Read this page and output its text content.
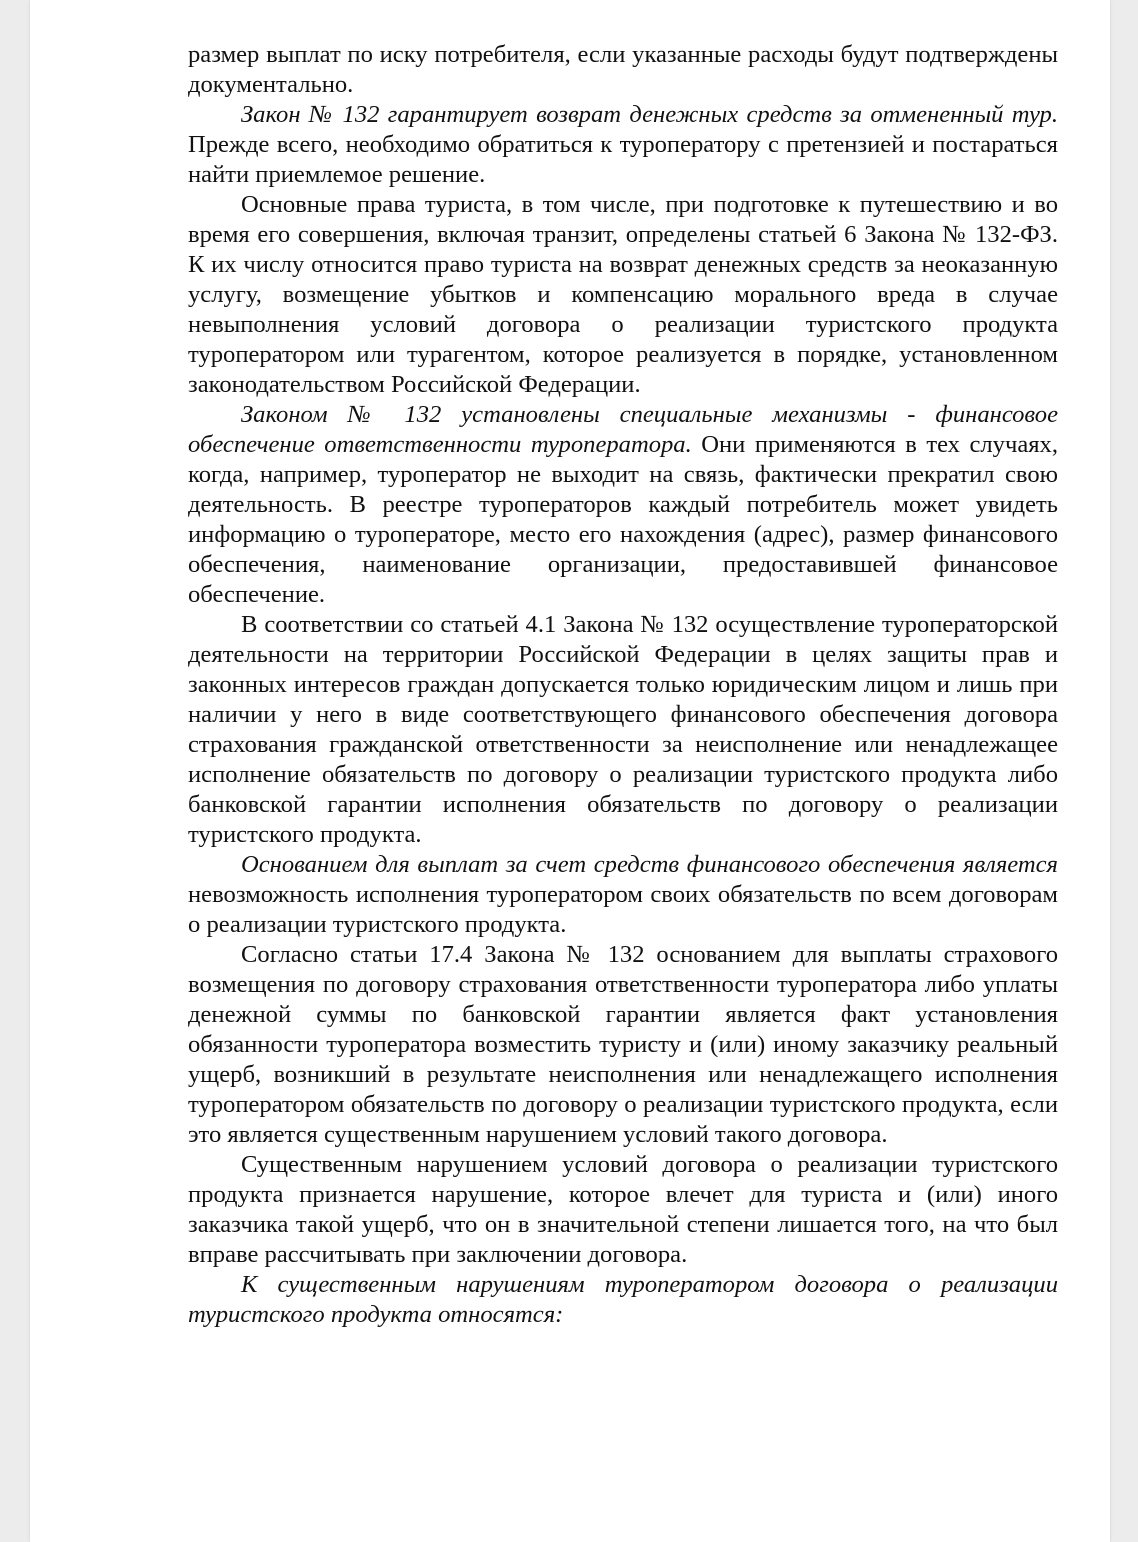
размер выплат по иску потребителя, если указанные расходы будут подтверждены документально.

Закон № 132 гарантирует возврат денежных средств за отмененный тур. Прежде всего, необходимо обратиться к туроператору с претензией и постараться найти приемлемое решение.

Основные права туриста, в том числе, при подготовке к путешествию и во время его совершения, включая транзит, определены статьей 6 Закона № 132-ФЗ. К их числу относится право туриста на возврат денежных средств за неоказанную услугу, возмещение убытков и компенсацию морального вреда в случае невыполнения условий договора о реализации туристского продукта туроператором или турагентом, которое реализуется в порядке, установленном законодательством Российской Федерации.

Законом № 132 установлены специальные механизмы - финансовое обеспечение ответственности туроператора. Они применяются в тех случаях, когда, например, туроператор не выходит на связь, фактически прекратил свою деятельность. В реестре туроператоров каждый потребитель может увидеть информацию о туроператоре, место его нахождения (адрес), размер финансового обеспечения, наименование организации, предоставившей финансовое обеспечение.

В соответствии со статьей 4.1 Закона № 132 осуществление туроператорской деятельности на территории Российской Федерации в целях защиты прав и законных интересов граждан допускается только юридическим лицом и лишь при наличии у него в виде соответствующего финансового обеспечения договора страхования гражданской ответственности за неисполнение или ненадлежащее исполнение обязательств по договору о реализации туристского продукта либо банковской гарантии исполнения обязательств по договору о реализации туристского продукта.

Основанием для выплат за счет средств финансового обеспечения является невозможность исполнения туроператором своих обязательств по всем договорам о реализации туристского продукта.

Согласно статьи 17.4 Закона № 132 основанием для выплаты страхового возмещения по договору страхования ответственности туроператора либо уплаты денежной суммы по банковской гарантии является факт установления обязанности туроператора возместить туристу и (или) иному заказчику реальный ущерб, возникший в результате неисполнения или ненадлежащего исполнения туроператором обязательств по договору о реализации туристского продукта, если это является существенным нарушением условий такого договора.

Существенным нарушением условий договора о реализации туристского продукта признается нарушение, которое влечет для туриста и (или) иного заказчика такой ущерб, что он в значительной степени лишается того, на что был вправе рассчитывать при заключении договора.

К существенным нарушениям туроператором договора о реализации туристского продукта относятся:
